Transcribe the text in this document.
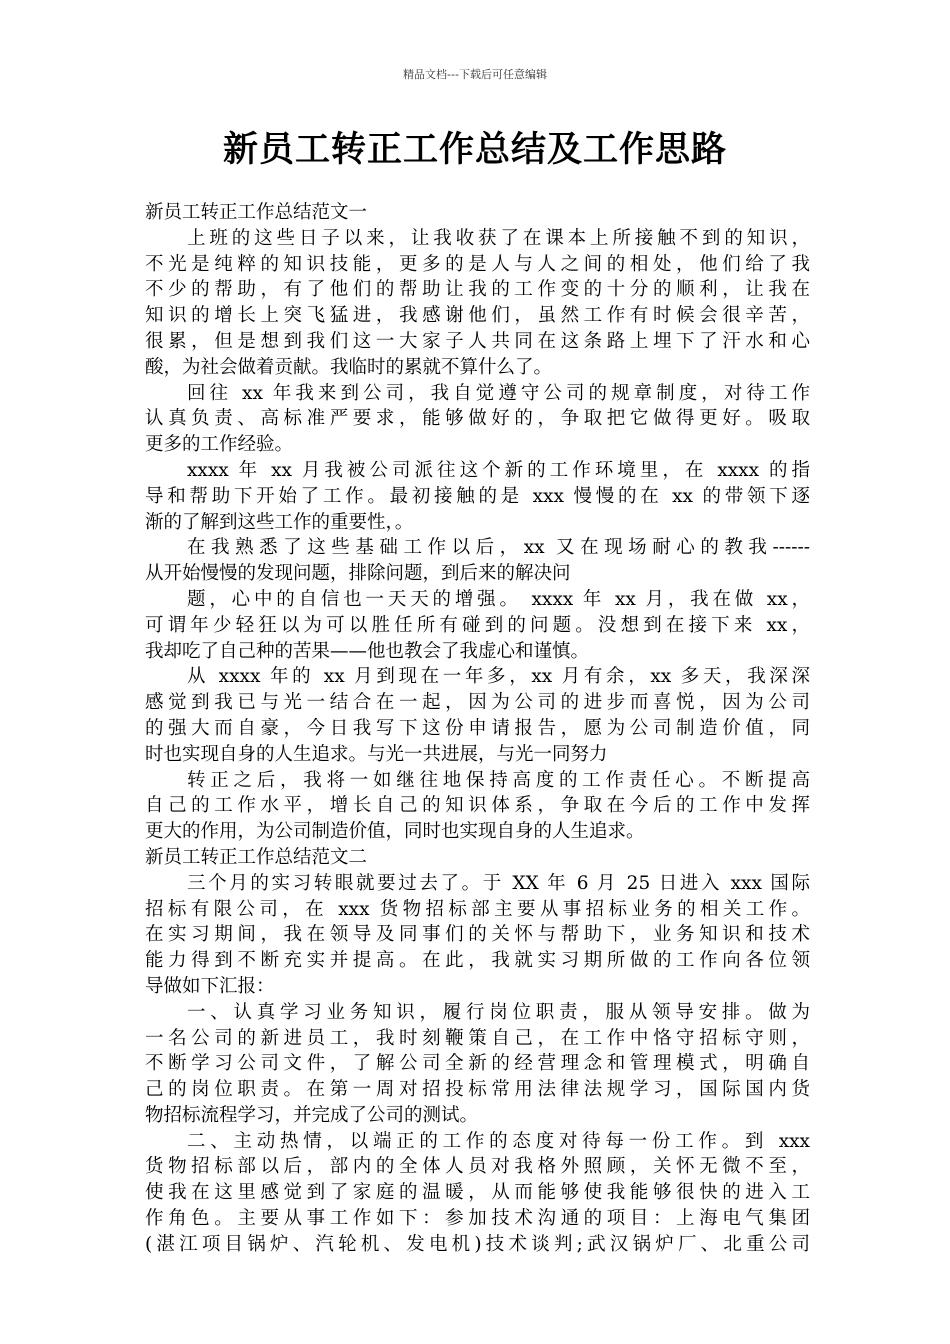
精品文档---下载后可任意编辑
新员工转正工作总结及工作思路
新员工转正工作总结范文一
上班的这些日子以来，让我收获了在课本上所接触不到的知识，
不光是纯粹的知识技能，更多的是人与人之间的相处，他们给了我
不少的帮助，有了他们的帮助让我的工作变的十分的顺利，让我在
知识的增长上突飞猛进，我感谢他们，虽然工作有时候会很辛苦，
很累，但是想到我们这一大家子人共同在这条路上埋下了汗水和心
酸，为社会做着贡献。我临时的累就不算什么了。
回往 xx 年我来到公司，我自觉遵守公司的规章制度，对待工作
认真负责、高标准严要求，能够做好的，争取把它做得更好。吸取
更多的工作经验。
xxxx 年 xx 月我被公司派往这个新的工作环境里，在 xxxx 的指
导和帮助下开始了工作。最初接触的是 xxx 慢慢的在 xx 的带领下逐
渐的了解到这些工作的重要性，。
在我熟悉了这些基础工作以后，xx 又在现场耐心的教我------
从开始慢慢的发现问题，排除问题，到后来的解决问
题，心中的自信也一天天的增强。 xxxx 年 xx 月，我在做 xx，
可谓年少轻狂以为可以胜任所有碰到的问题。没想到在接下来 xx，
我却吃了自己种的苦果——他也教会了我虚心和谨慎。
从 xxxx 年的 xx 月到现在一年多，xx 月有余，xx 多天，我深深
感觉到我已与光一结合在一起，因为公司的进步而喜悦，因为公司
的强大而自豪，今日我写下这份申请报告，愿为公司制造价值，同
时也实现自身的人生追求。与光一共进展，与光一同努力
转正之后，我将一如继往地保持高度的工作责任心。不断提高
自己的工作水平，增长自己的知识体系，争取在今后的工作中发挥
更大的作用，为公司制造价值，同时也实现自身的人生追求。
新员工转正工作总结范文二
三个月的实习转眼就要过去了。于 XX 年 6 月 25 日进入 xxx 国际
招标有限公司，在 xxx 货物招标部主要从事招标业务的相关工作。
在实习期间，我在领导及同事们的关怀与帮助下，业务知识和技术
能力得到不断充实并提高。在此，我就实习期所做的工作向各位领
导做如下汇报：
一、认真学习业务知识，履行岗位职责，服从领导安排。做为
一名公司的新进员工，我时刻鞭策自己，在工作中恪守招标守则，
不断学习公司文件，了解公司全新的经营理念和管理模式，明确自
己的岗位职责。在第一周对招投标常用法律法规学习，国际国内货
物招标流程学习，并完成了公司的测试。
二、主动热情，以端正的工作的态度对待每一份工作。到 xxx
货物招标部以后，部内的全体人员对我格外照顾，关怀无微不至，
使我在这里感觉到了家庭的温暖，从而能够使我能够很快的进入工
作角色。主要从事工作如下：参加技术沟通的项目：上海电气集团
(湛江项目锅炉、汽轮机、发电机)技术谈判;武汉锅炉厂、北重公司
